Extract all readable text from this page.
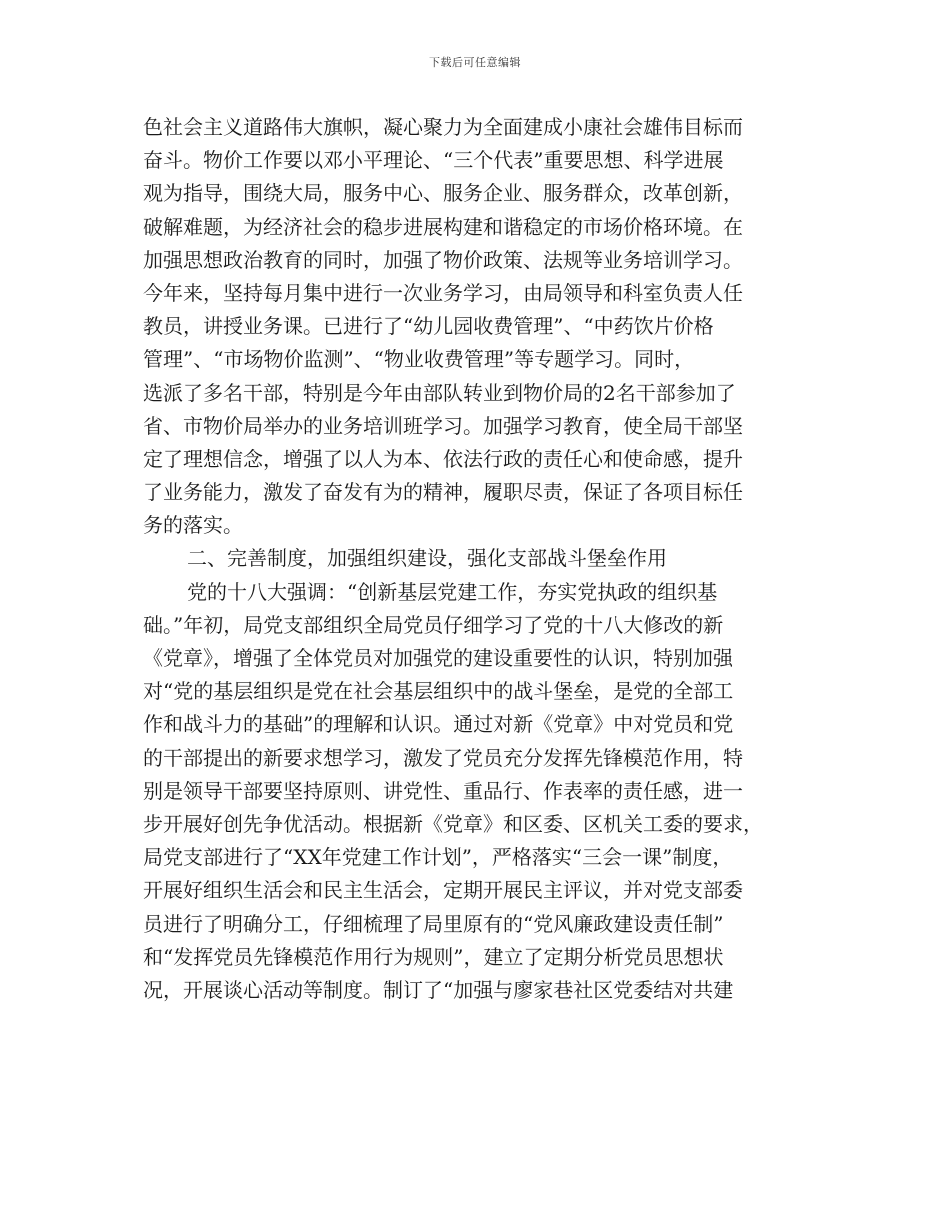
下载后可任意编辑
色社会主义道路伟大旗帜，凝心聚力为全面建成小康社会雄伟目标而
奋斗。物价工作要以邓小平理论、“三个代表”重要思想、科学进展
观为指导，围绕大局，服务中心、服务企业、服务群众，改革创新，
破解难题，为经济社会的稳步进展构建和谐稳定的市场价格环境。在
加强思想政治教育的同时，加强了物价政策、法规等业务培训学习。
今年来，坚持每月集中进行一次业务学习，由局领导和科室负责人任
教员，讲授业务课。已进行了“幼儿园收费管理”、“中药饮片价格
管理”、“市场物价监测”、“物业收费管理”等专题学习。同时，
选派了多名干部，特别是今年由部队转业到物价局的2名干部参加了
省、市物价局举办的业务培训班学习。加强学习教育，使全局干部坚
定了理想信念，增强了以人为本、依法行政的责任心和使命感，提升
了业务能力，激发了奋发有为的精神，履职尽责，保证了各项目标任
务的落实。
二、完善制度，加强组织建设，强化支部战斗堡垒作用
党的十八大强调：“创新基层党建工作，夯实党执政的组织基
础。”年初，局党支部组织全局党员仔细学习了党的十八大修改的新
《党章》，增强了全体党员对加强党的建设重要性的认识，特别加强
对“党的基层组织是党在社会基层组织中的战斗堡垒，是党的全部工
作和战斗力的基础”的理解和认识。通过对新《党章》中对党员和党
的干部提出的新要求想学习，激发了党员充分发挥先锋模范作用，特
别是领导干部要坚持原则、讲党性、重品行、作表率的责任感，进一
步开展好创先争优活动。根据新《党章》和区委、区机关工委的要求，
局党支部进行了“XX年党建工作计划”，严格落实“三会一课”制度，
开展好组织生活会和民主生活会，定期开展民主评议，并对党支部委
员进行了明确分工，仔细梳理了局里原有的“党风廉政建设责任制”
和“发挥党员先锋模范作用行为规则”，建立了定期分析党员思想状
况，开展谈心活动等制度。制订了“加强与廖家巷社区党委结对共建
